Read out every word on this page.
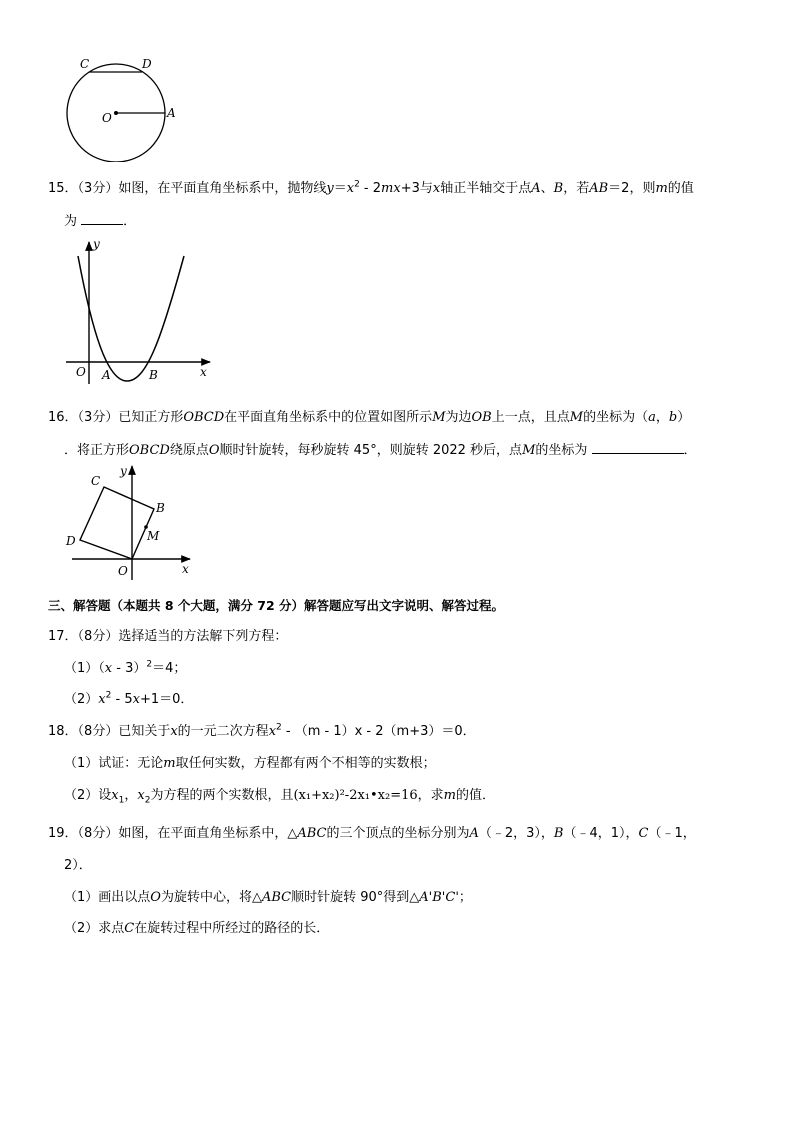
C	D
O	A
15．（3分）如图，在平面直角坐标系中，抛物线$y=x^2 - 2mx+3$与x轴正半轴交于点A、B，若AB＝2，则m的值
为	．
y
x
O A	B
16．（3分）已知正方形OBCD在平面直角坐标系中的位置如图所示M为边OB上一点，且点M的坐标为（a，b）
．将正方形OBCD绕原点O顺时针旋转，每秒旋转 45°，则旋转 2022 秒后，点M的坐标为	．
y
x
O
B
C
D	M
三、解答题（本题共 8 个大题，满分 72 分）解答题应写出文字说明、解答过程。
17．（8分）选择适当的方法解下列方程：
（1）（x - 3）$^2$＝4；
$(2)x^2 - 5x+1=0$．
18．（8分）已知关于x的一元二次方程$x^2 - (m - 1)x - 2(m+3)=0$．
（1）试证：无论m取任何实数，方程都有两个不相等的实数根；
（2）设$x_1$，$x_2$为方程的两个实数根，且(x₁+x₂)²-2x₁•x₂=16，求m的值．
19．（8分）如图，在平面直角坐标系中，△ABC的三个顶点的坐标分别为A（﹣2，3），B（﹣4，1），C（﹣1，
2）．
（1）画出以点O为旋转中心，将△ABC顺时针旋转 90°得到△A'B'C'；
（2）求点C在旋转过程中所经过的路径的长．
